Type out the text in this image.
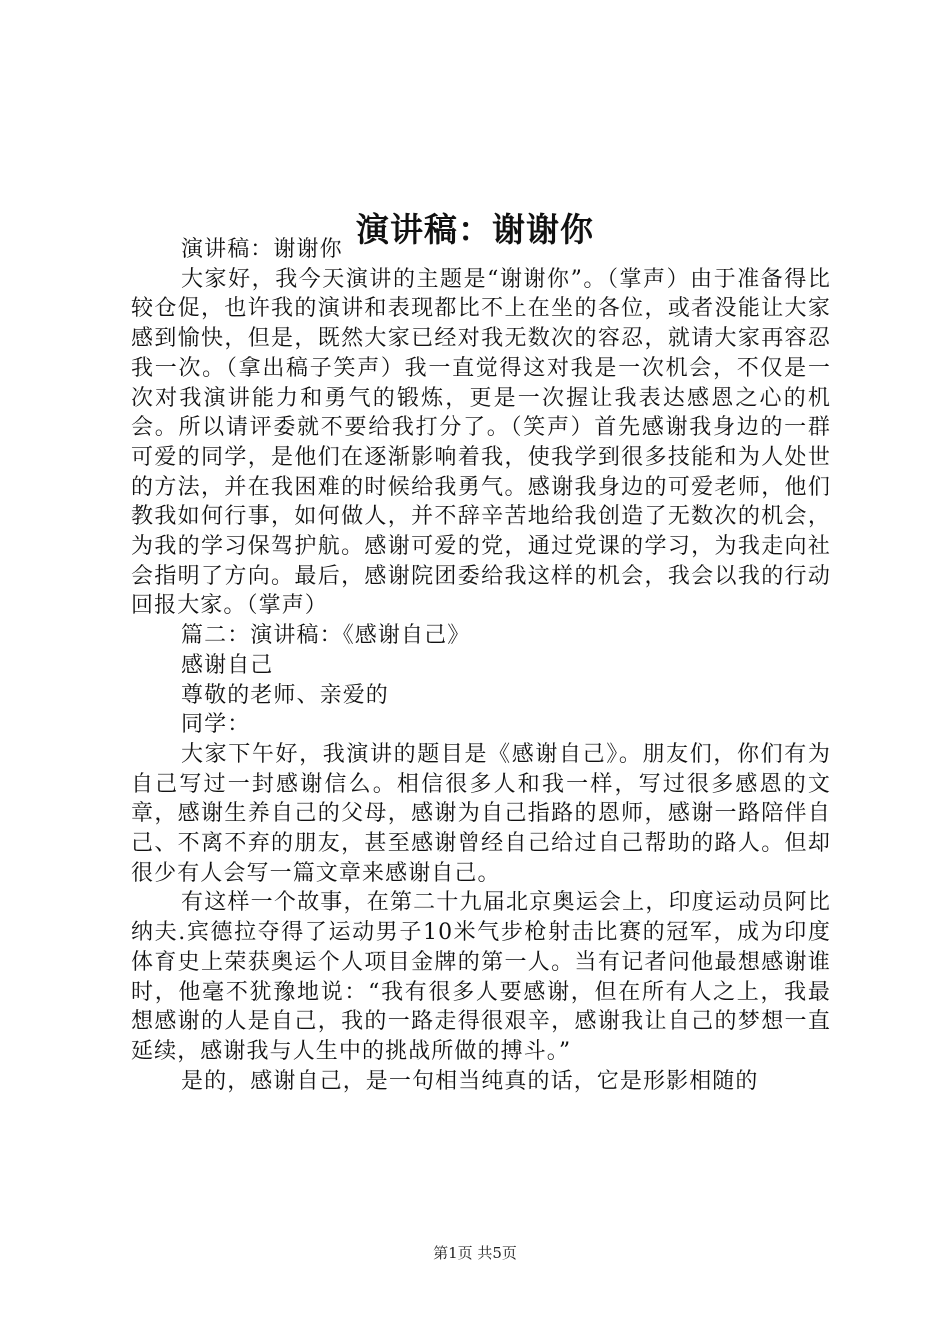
演讲稿：谢谢你

演讲稿：谢谢你

大家好，我今天演讲的主题是“谢谢你”。（掌声）由于准备得比较仓促，也许我的演讲和表现都比不上在坐的各位，或者没能让大家感到愉快，但是，既然大家已经对我无数次的容忍，就请大家再容忍我一次。（拿出稿子笑声）我一直觉得这对我是一次机会，不仅是一次对我演讲能力和勇气的锻炼，更是一次握让我表达感恩之心的机会。所以请评委就不要给我打分了。（笑声）首先感谢我身边的一群可爱的同学，是他们在逐渐影响着我，使我学到很多技能和为人处世的方法，并在我困难的时候给我勇气。感谢我身边的可爱老师，他们教我如何行事，如何做人，并不辞辛苦地给我创造了无数次的机会，为我的学习保驾护航。感谢可爱的党，通过党课的学习，为我走向社会指明了方向。最后，感谢院团委给我这样的机会，我会以我的行动回报大家。（掌声）

篇二：演讲稿：《感谢自己》

感谢自己

尊敬的老师、亲爱的

同学：

大家下午好，我演讲的题目是《感谢自己》。朋友们，你们有为自己写过一封感谢信么。相信很多人和我一样，写过很多感恩的文章，感谢生养自己的父母，感谢为自己指路的恩师，感谢一路陪伴自己、不离不弃的朋友，甚至感谢曾经自己给过自己帮助的路人。但却很少有人会写一篇文章来感谢自己。

有这样一个故事，在第二十九届北京奥运会上，印度运动员阿比纳夫.宾德拉夺得了运动男子10米气步枪射击比赛的冠军，成为印度体育史上荣获奥运个人项目金牌的第一人。当有记者问他最想感谢谁时，他毫不犹豫地说：“我有很多人要感谢，但在所有人之上，我最想感谢的人是自己，我的一路走得很艰辛，感谢我让自己的梦想一直延续，感谢我与人生中的挑战所做的搏斗。”

是的，感谢自己，是一句相当纯真的话，它是形影相随的

第1页 共5页
